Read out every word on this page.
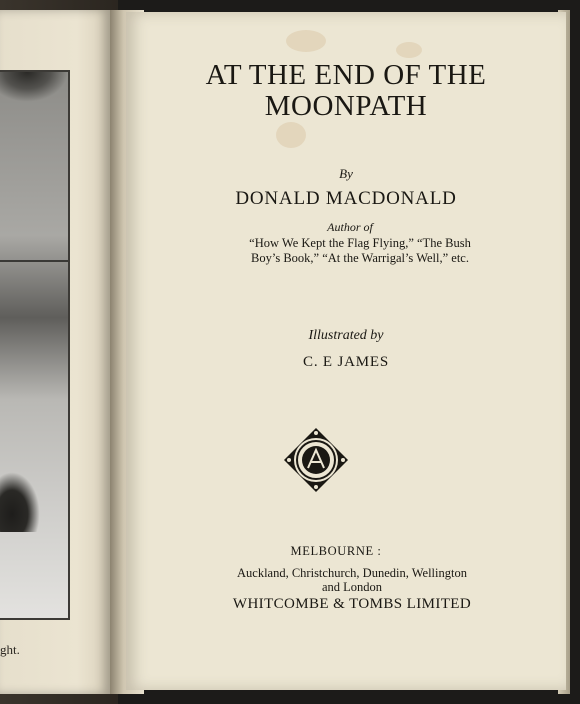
ght.
AT THE END OF THE
MOONPATH
By
DONALD MACDONALD
Author of
“How We Kept the Flag Flying,” “The Bush
Boy’s Book,” “At the Warrigal’s Well,” etc.
Illustrated by
C. E JAMES
MELBOURNE :
Auckland, Christchurch, Dunedin, Wellington
and London
WHITCOMBE & TOMBS LIMITED
